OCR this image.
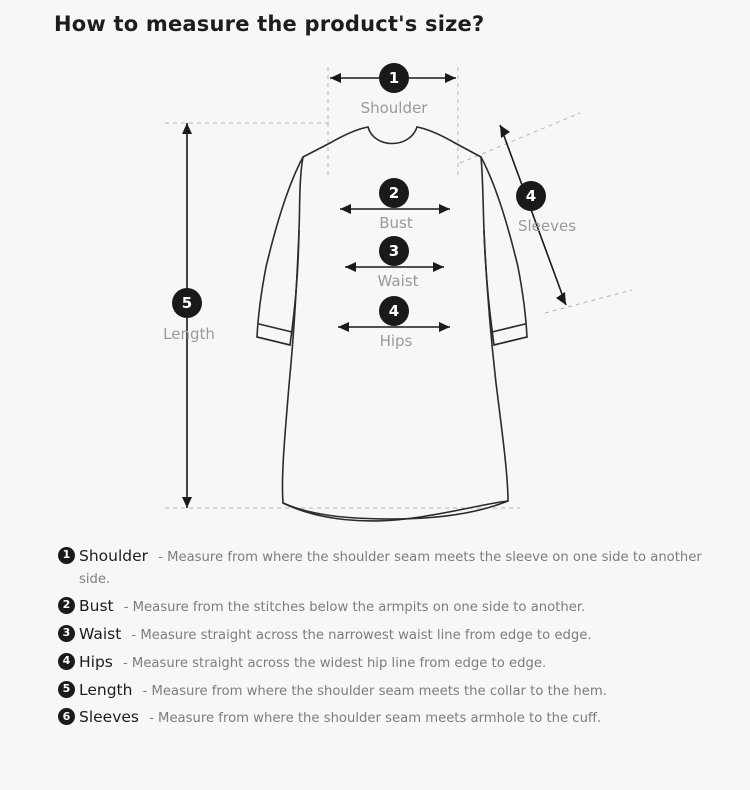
How to measure the product's size?
1
Shoulder
2
Bust
3
Waist
4
Hips
5
Length
4
Sleeves
1 Shoulder - Measure from where the shoulder seam meets the sleeve on one side to another side.
2 Bust - Measure from the stitches below the armpits on one side to another.
3 Waist - Measure straight across the narrowest waist line from edge to edge.
4 Hips - Measure straight across the widest hip line from edge to edge.
5 Length - Measure from where the shoulder seam meets the collar to the hem.
6 Sleeves - Measure from where the shoulder seam meets armhole to the cuff.
